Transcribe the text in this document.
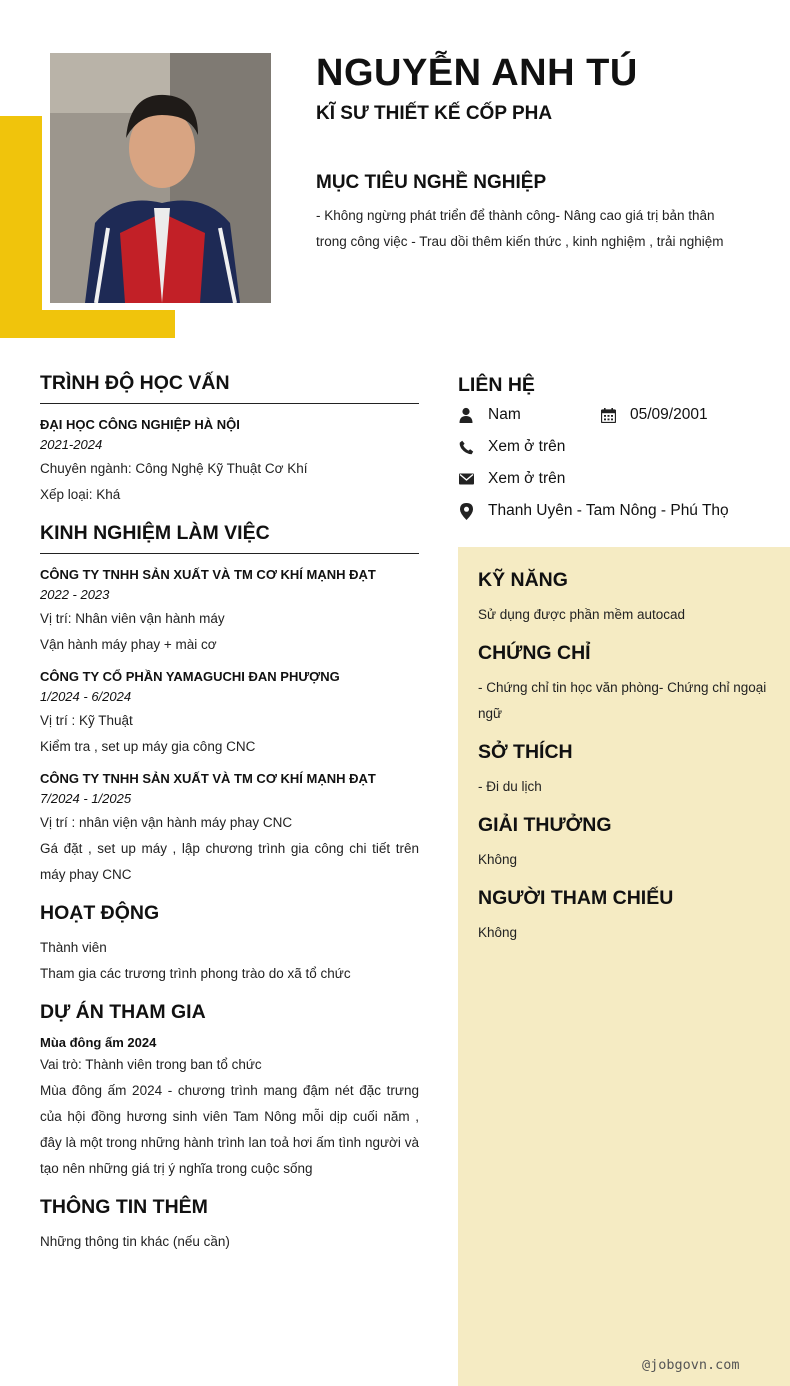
NGUYỄN ANH TÚ
KĨ SƯ THIẾT KẾ CỐP PHA
MỤC TIÊU NGHỀ NGHIỆP
- Không ngừng phát triển để thành công- Nâng cao giá trị bản thân trong công việc - Trau dồi thêm kiến thức , kinh nghiệm , trải nghiệm
TRÌNH ĐỘ HỌC VẤN
ĐẠI HỌC CÔNG NGHIỆP HÀ NỘI
2021-2024
Chuyên ngành: Công Nghệ Kỹ Thuật Cơ Khí
Xếp loại: Khá
KINH NGHIỆM LÀM VIỆC
CÔNG TY TNHH SẢN XUẤT VÀ TM CƠ KHÍ MẠNH ĐẠT
2022 - 2023
Vị trí: Nhân viên vận hành máy
Vận hành máy phay + mài cơ
CÔNG TY CỔ PHẦN YAMAGUCHI ĐAN PHƯỢNG
1/2024 - 6/2024
Vị trí : Kỹ Thuật
Kiểm tra , set up máy gia công CNC
CÔNG TY TNHH SẢN XUẤT VÀ TM CƠ KHÍ MẠNH ĐẠT
7/2024 - 1/2025
Vị trí : nhân viện vận hành máy phay CNC
Gá đặt , set up máy , lập chương trình gia công chi tiết trên máy phay CNC
HOẠT ĐỘNG
Thành viên
Tham gia các trương trình phong trào do xã tổ chức
DỰ ÁN THAM GIA
Mùa đông ấm 2024
Vai trò: Thành viên trong ban tổ chức
Mùa đông ấm 2024 - chương trình mang đậm nét đặc trưng của hội đồng hương sinh viên Tam Nông mỗi dịp cuối năm , đây là một trong những hành trình lan toả hơi ấm tình người và tạo nên những giá trị ý nghĩa trong cuộc sống
THÔNG TIN THÊM
Những thông tin khác (nếu cần)
LIÊN HỆ
Nam	05/09/2001
Xem ở trên
Xem ở trên
Thanh Uyên - Tam Nông - Phú Thọ
KỸ NĂNG
Sử dụng được phần mềm autocad
CHỨNG CHỈ
- Chứng chỉ tin học văn phòng- Chứng chỉ ngoại ngữ
SỞ THÍCH
- Đi du lịch
GIẢI THƯỞNG
Không
NGƯỜI THAM CHIẾU
Không
@jobgovn.com
